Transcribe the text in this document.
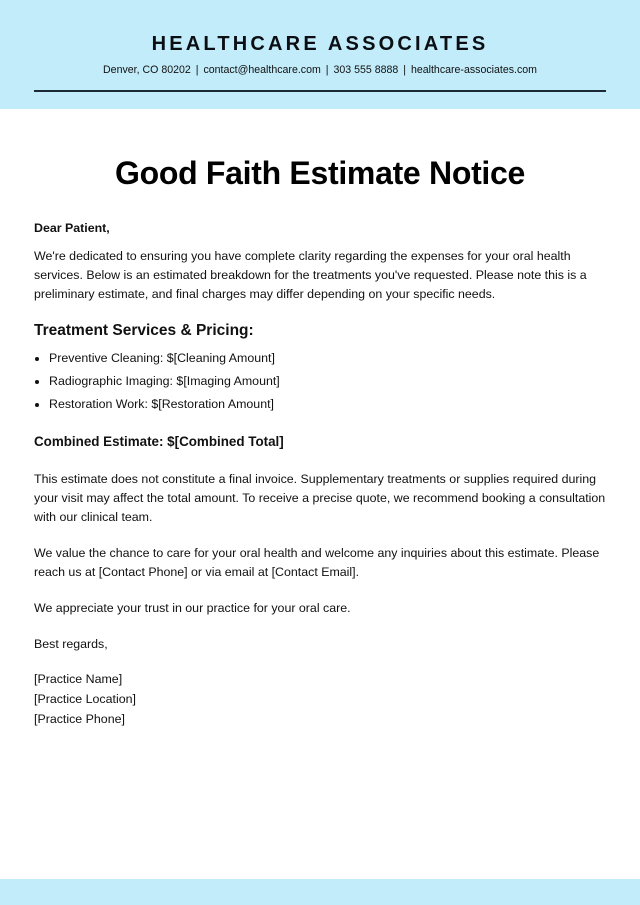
HEALTHCARE ASSOCIATES
Denver, CO 80202 | contact@healthcare.com | 303 555 8888 | healthcare-associates.com
Good Faith Estimate Notice

Dear Patient,

We're dedicated to ensuring you have complete clarity regarding the expenses for your oral health services. Below is an estimated breakdown for the treatments you've requested. Please note this is a preliminary estimate, and final charges may differ depending on your specific needs.

Treatment Services & Pricing:
Preventive Cleaning: $[Cleaning Amount]
Radiographic Imaging: $[Imaging Amount]
Restoration Work: $[Restoration Amount]

Combined Estimate: $[Combined Total]

This estimate does not constitute a final invoice. Supplementary treatments or supplies required during your visit may affect the total amount. To receive a precise quote, we recommend booking a consultation with our clinical team.

We value the chance to care for your oral health and welcome any inquiries about this estimate. Please reach us at [Contact Phone] or via email at [Contact Email].

We appreciate your trust in our practice for your oral care.

Best regards,

[Practice Name]
[Practice Location]
[Practice Phone]
